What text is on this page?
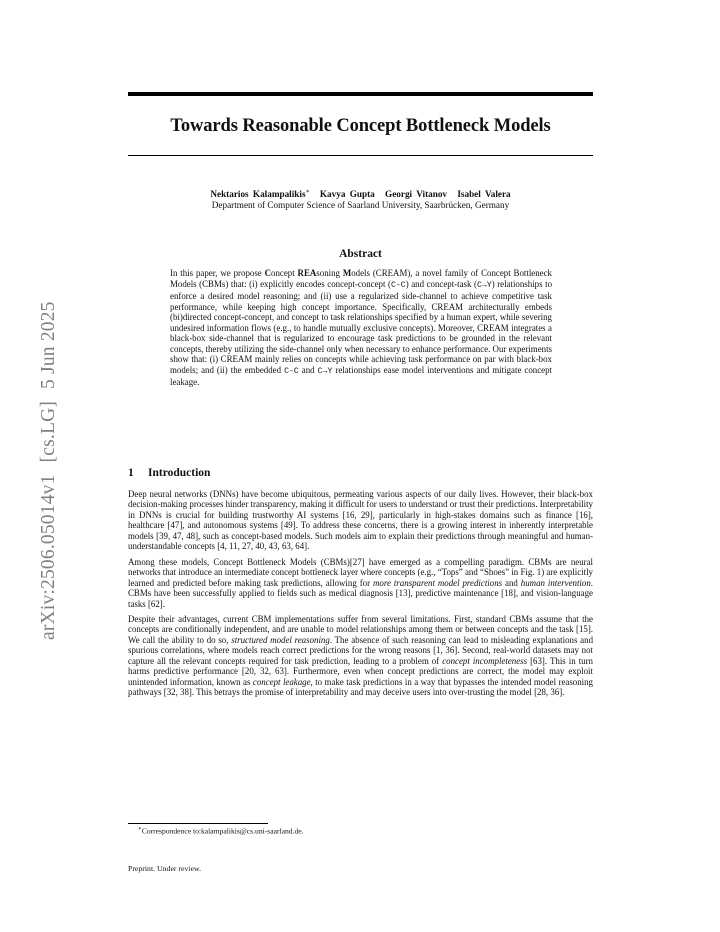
arXiv:2506.05014v1[cs.LG]5 Jun 2025
Towards Reasonable Concept Bottleneck Models
Nektarios Kalampalikis∗ Kavya Gupta Georgi Vitanov Isabel Valera
Department of Computer Science of Saarland University, Saarbrücken, Germany
Abstract
In this paper, we propose Concept REAsoning Models (CREAM), a novel family of Concept Bottleneck Models (CBMs) that: (i) explicitly encodes concept-concept (C-C) and concept-task (C→Y) relationships to enforce a desired model reasoning; and (ii) use a regularized side-channel to achieve competitive task performance, while keeping high concept importance. Specifically, CREAM architecturally embeds (bi)directed concept-concept, and concept to task relationships specified by a human expert, while severing undesired information flows (e.g., to handle mutually exclusive concepts). Moreover, CREAM integrates a black-box side-channel that is regularized to encourage task predictions to be grounded in the relevant concepts, thereby utilizing the side-channel only when necessary to enhance performance. Our experiments show that: (i) CREAM mainly relies on concepts while achieving task performance on par with black-box models; and (ii) the embedded C-C and C→Y relationships ease model interventions and mitigate concept leakage.
1 Introduction

Deep neural networks (DNNs) have become ubiquitous, permeating various aspects of our daily lives. However, their black-box decision-making processes hinder transparency, making it difficult for users to understand or trust their predictions. Interpretability in DNNs is crucial for building trustworthy AI systems [16, 29], particularly in high-stakes domains such as finance [16], healthcare [47], and autonomous systems [49]. To address these concerns, there is a growing interest in inherently interpretable models [39, 47, 48], such as concept-based models. Such models aim to explain their predictions through meaningful and human-understandable concepts [4, 11, 27, 40, 43, 63, 64].

Among these models, Concept Bottleneck Models (CBMs)[27] have emerged as a compelling paradigm. CBMs are neural networks that introduce an intermediate concept bottleneck layer where concepts (e.g., “Tops” and “Shoes” in Fig. 1) are explicitly learned and predicted before making task predictions, allowing for more transparent model predictions and human intervention. CBMs have been successfully applied to fields such as medical diagnosis [13], predictive maintenance [18], and vision-language tasks [62].

Despite their advantages, current CBM implementations suffer from several limitations. First, standard CBMs assume that the concepts are conditionally independent, and are unable to model relationships among them or between concepts and the task [15]. We call the ability to do so, structured model reasoning. The absence of such reasoning can lead to misleading explanations and spurious correlations, where models reach correct predictions for the wrong reasons [1, 36]. Second, real-world datasets may not capture all the relevant concepts required for task prediction, leading to a problem of concept incompleteness [63]. This in turn harms predictive performance [20, 32, 63]. Furthermore, even when concept predictions are correct, the model may exploit unintended information, known as concept leakage, to make task predictions in a way that bypasses the intended model reasoning pathways [32, 38]. This betrays the promise of interpretability and may deceive users into over-trusting the model [28, 36].

∗Correspondence to:kalampalikis@cs.uni-saarland.de.
Preprint. Under review.
